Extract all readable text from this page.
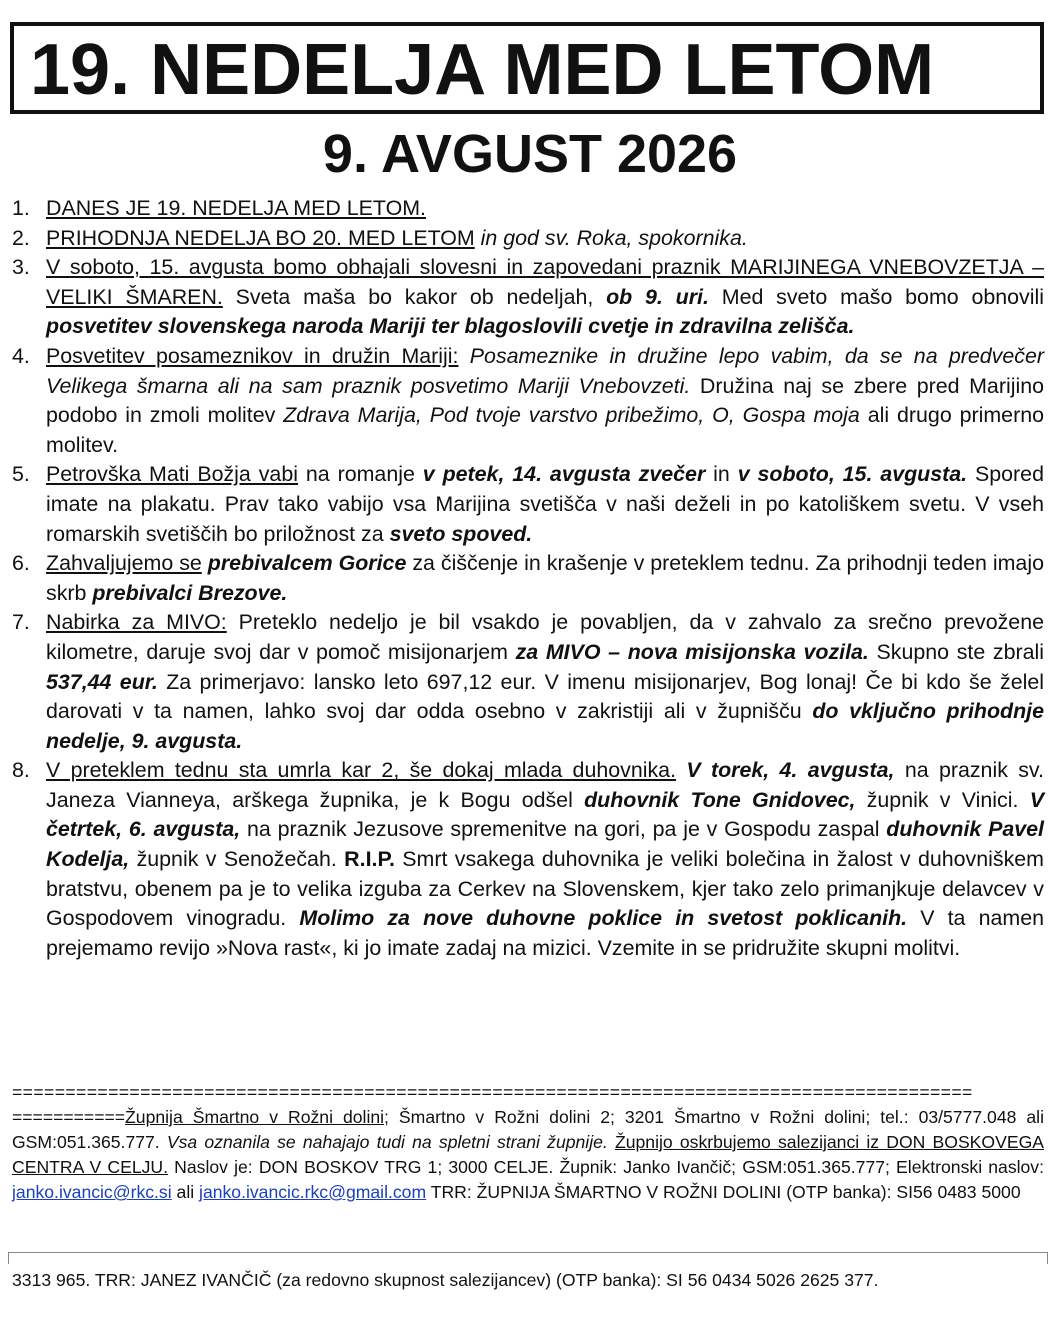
19. NEDELJA MED LETOM
9. AVGUST 2026
1. DANES JE 19. NEDELJA MED LETOM.
2. PRIHODNJA NEDELJA BO 20. MED LETOM in god sv. Roka, spokornika.
3. V soboto, 15. avgusta bomo obhajali slovesni in zapovedani praznik MARIJINEGA VNEBOVZETJA – VELIKI ŠMAREN. Sveta maša bo kakor ob nedeljah, ob 9. uri. Med sveto mašo bomo obnovili posvetitev slovenskega naroda Mariji ter blagoslovili cvetje in zdravilna zelišča.
4. Posvetitev posameznikov in družin Mariji: Posameznike in družine lepo vabim, da se na predvečer Velikega šmarna ali na sam praznik posvetimo Mariji Vnebovzeti. Družina naj se zbere pred Marijino podobo in zmoli molitev Zdrava Marija, Pod tvoje varstvo pribežimo, O, Gospa moja ali drugo primerno molitev.
5. Petrovška Mati Božja vabi na romanje v petek, 14. avgusta zvečer in v soboto, 15. avgusta. Spored imate na plakatu. Prav tako vabijo vsa Marijina svetišča v naši deželi in po katoliškem svetu. V vseh romarskih svetiščih bo priložnost za sveto spoved.
6. Zahvaljujemo se prebivalcem Gorice za čiščenje in krašenje v preteklem tednu. Za prihodnji teden imajo skrb prebivalci Brezove.
7. Nabirka za MIVO: Preteklo nedeljo je bil vsakdo je povabljen, da v zahvalo za srečno prevožene kilometre, daruje svoj dar v pomoč misijonarjem za MIVO – nova misijonska vozila. Skupno ste zbrali 537,44 eur. Za primerjavo: lansko leto 697,12 eur. V imenu misijonarjev, Bog lonaj! Če bi kdo še želel darovati v ta namen, lahko svoj dar odda osebno v zakristiji ali v župnišču do vključno prihodnje nedelje, 9. avgusta.
8. V preteklem tednu sta umrla kar 2, še dokaj mlada duhovnika. V torek, 4. avgusta, na praznik sv. Janeza Vianneya, arškega župnika, je k Bogu odšel duhovnik Tone Gnidovec, župnik v Vinici. V četrtek, 6. avgusta, na praznik Jezusove spremenitve na gori, pa je v Gospodu zaspal duhovnik Pavel Kodelja, župnik v Senožečah. R.I.P. Smrt vsakega duhovnika je veliki bolečina in žalost v duhovniškem bratstvu, obenem pa je to velika izguba za Cerkev na Slovenskem, kjer tako zelo primanjkuje delavcev v Gospodovem vinogradu. Molimo za nove duhovne poklice in svetost poklicanih. V ta namen prejemamo revijo »Nova rast«, ki jo imate zadaj na mizici. Vzemite in se pridružite skupni molitvi.
==========================================================================================
===========Župnija Šmartno v Rožni dolini; Šmartno v Rožni dolini 2; 3201 Šmartno v Rožni dolini; tel.: 03/5777.048 ali GSM:051.365.777. Vsa oznanila se nahajajo tudi na spletni strani župnije. Župnijo oskrbujemo salezijanci iz DON BOSKOVEGA CENTRA V CELJU. Naslov je: DON BOSKOV TRG 1; 3000 CELJE. Župnik: Janko Ivančič; GSM:051.365.777; Elektronski naslov: janko.ivancic@rkc.si ali janko.ivancic.rkc@gmail.com TRR: ŽUPNIJA ŠMARTNO V ROŽNI DOLINI (OTP banka): SI56 0483 5000
3313 965. TRR: JANEZ IVANČIČ (za redovno skupnost salezijancev) (OTP banka): SI 56 0434 5026 2625 377.
